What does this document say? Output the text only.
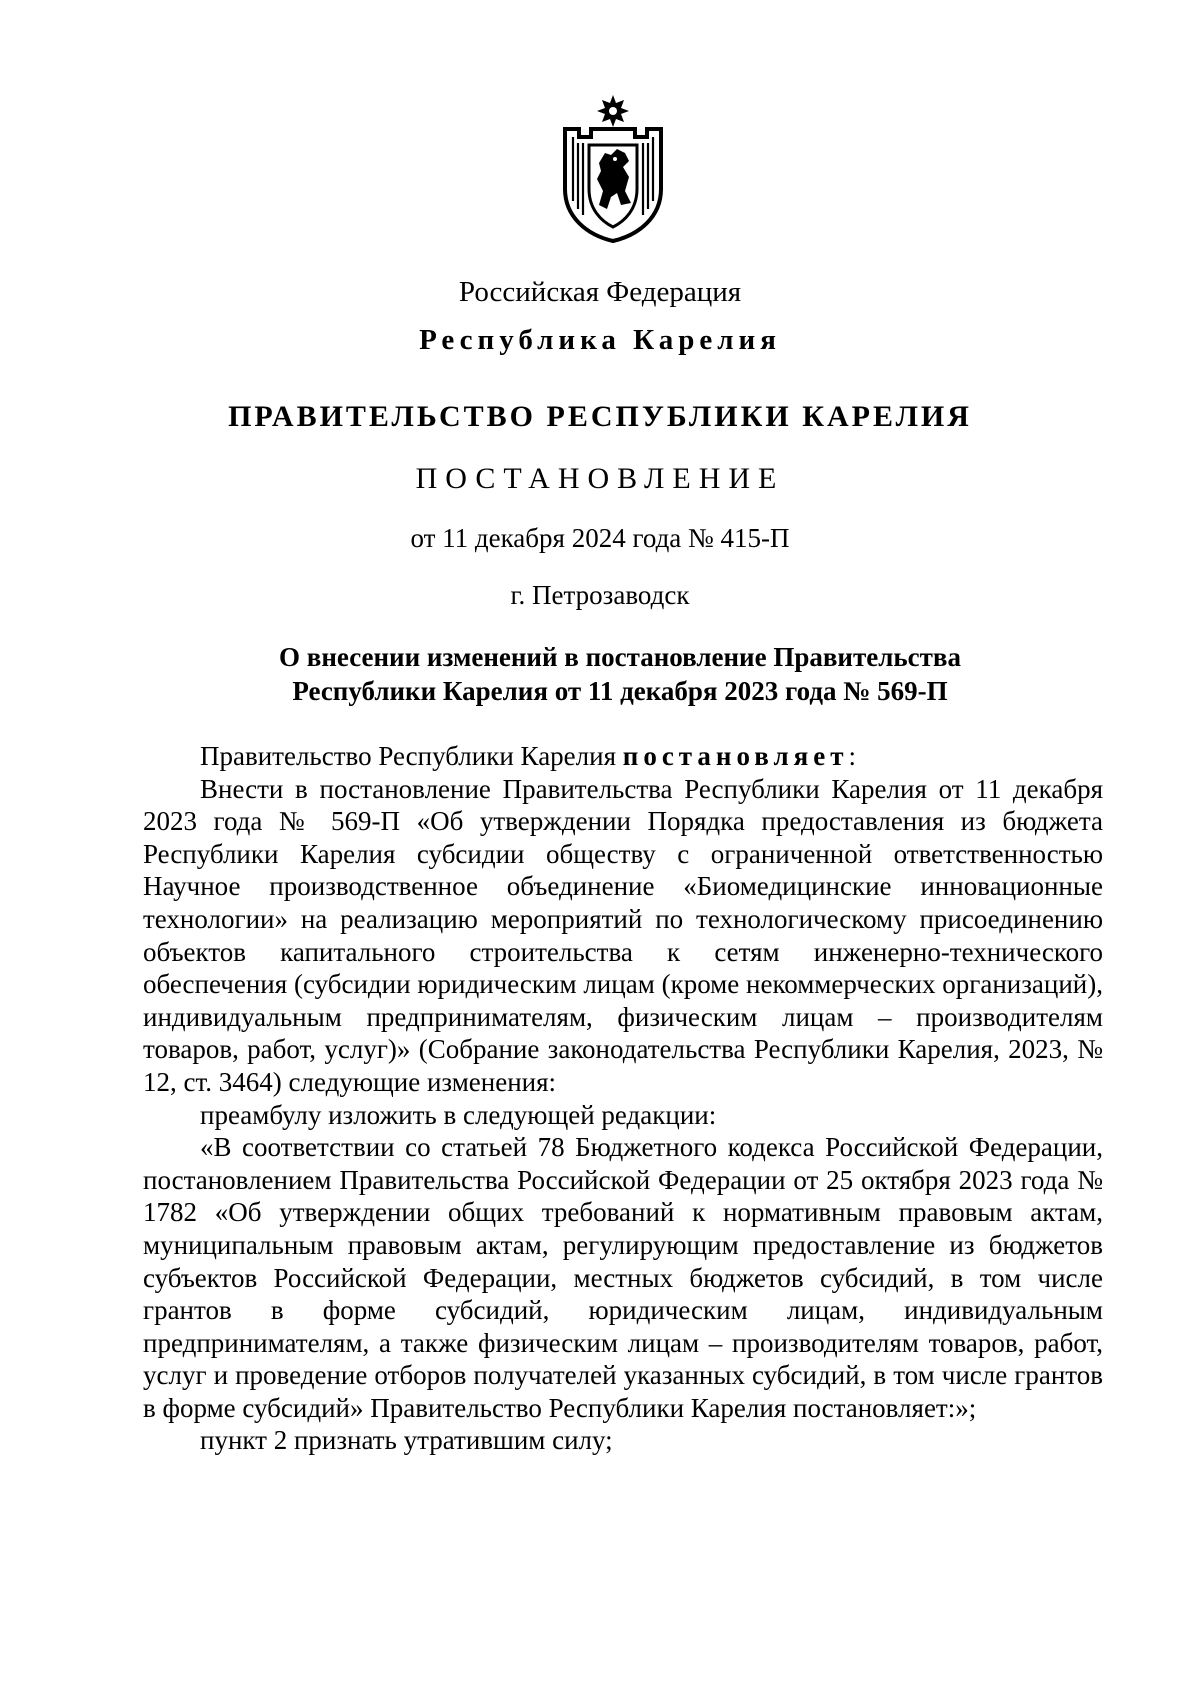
Российская Федерация
Республика Карелия
ПРАВИТЕЛЬСТВО РЕСПУБЛИКИ КАРЕЛИЯ
ПОСТАНОВЛЕНИЕ
от 11 декабря 2024 года № 415-П
г. Петрозаводск
О внесении изменений в постановление Правительства
Республики Карелия от 11 декабря 2023 года № 569-П

Правительство Республики Карелия постановляет:

Внести в постановление Правительства Республики Карелия от 11 декабря 2023 года № 569-П «Об утверждении Порядка предоставления из бюджета Республики Карелия субсидии обществу с ограниченной ответственностью Научное производственное объединение «Биомедицинские инновационные технологии» на реализацию мероприятий по технологическому присоединению объектов капитального строительства к сетям инженерно-технического обеспечения (субсидии юридическим лицам (кроме некоммерческих организаций), индивидуальным предпринимателям, физическим лицам – производителям товаров, работ, услуг)» (Собрание законодательства Республики Карелия, 2023, № 12, ст. 3464) следующие изменения:

преамбулу изложить в следующей редакции:

«В соответствии со статьей 78 Бюджетного кодекса Российской Федерации, постановлением Правительства Российской Федерации от 25 октября 2023 года № 1782 «Об утверждении общих требований к нормативным правовым актам, муниципальным правовым актам, регулирующим предоставление из бюджетов субъектов Российской Федерации, местных бюджетов субсидий, в том числе грантов в форме субсидий, юридическим лицам, индивидуальным предпринимателям, а также физическим лицам – производителям товаров, работ, услуг и проведение отборов получателей указанных субсидий, в том числе грантов в форме субсидий» Правительство Республики Карелия постановляет:»;

пункт 2 признать утратившим силу;
